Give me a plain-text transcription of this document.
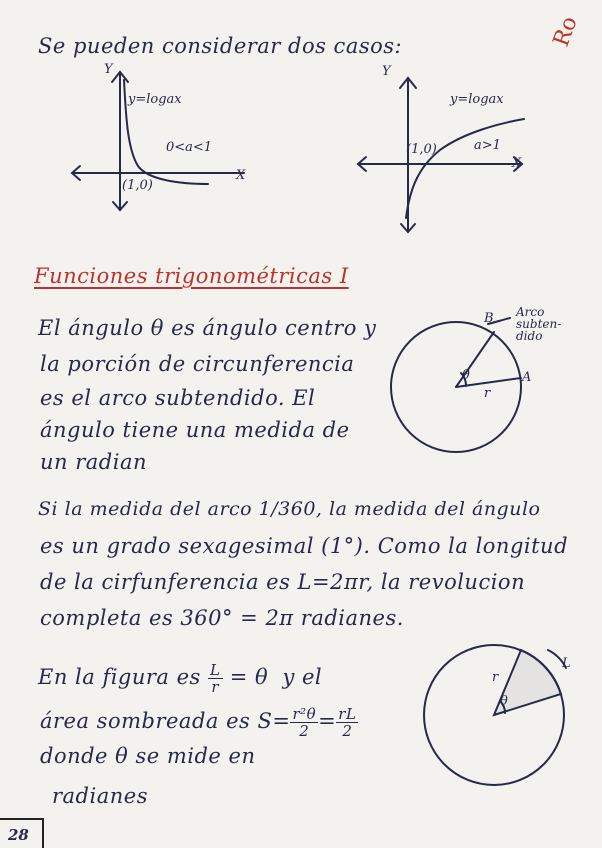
Ro
Se pueden considerar dos casos:
Y
X
y=logax
0<a<1
(1,0)
Y
X
y=logax
a>1
(1,0)
Funciones trigonométricas I
El ángulo θ es ángulo centro y
la porción de circunferencia
es el arco subtendido. El
ángulo tiene una medida de
un radian
B
A
θ
r
Arco
subten-
dido
Si la medida del arco 1/360, la medida del ángulo
es un grado sexagesimal (1°). Como la longitud
de la cirfunferencia es L=2πr, la revolucion
completa es 360° = 2π radianes.
En la figura es $\frac{L}{r} = \theta$ y el
área sombreada es $S= \frac{\text{r²θ}}{2} = \frac{rL}{2}$
donde θ se mide en
radianes
r
θ
L
28
